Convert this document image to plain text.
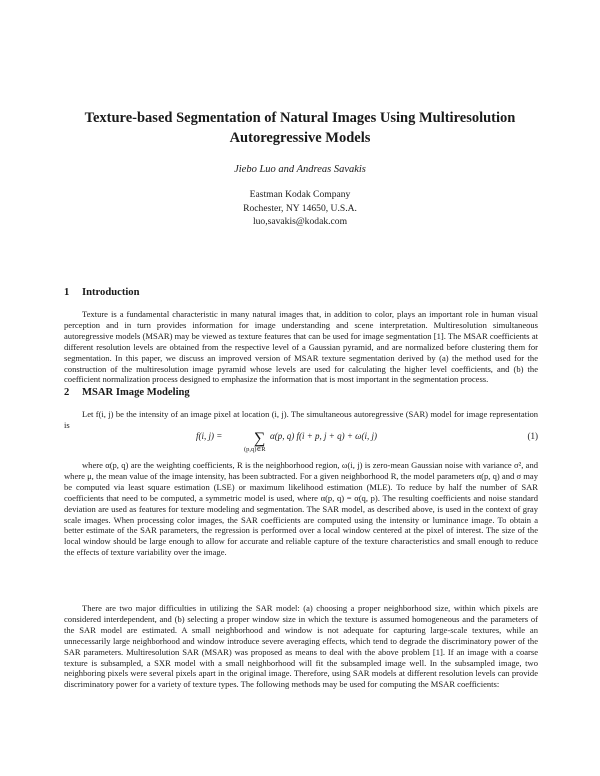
Texture-based Segmentation of Natural Images Using Multiresolution
Autoregressive Models
Jiebo Luo and Andreas Savakis
Eastman Kodak Company
Rochester, NY 14650, U.S.A.
luo,savakis@kodak.com
1 Introduction
Texture is a fundamental characteristic in many natural images that, in addition to color, plays an important role in human visual perception and in turn provides information for image understanding and scene interpretation. Multiresolution simultaneous autoregressive models (MSAR) may be viewed as texture features that can be used for image segmentation [1]. The MSAR coefficients at different resolution levels are obtained from the respective level of a Gaussian pyramid, and are normalized before clustering them for segmentation. In this paper, we discuss an improved version of MSAR texture segmentation derived by (a) the method used for the construction of the multiresolution image pyramid whose levels are used for calculating the higher level coefficients, and (b) the coefficient normalization process designed to emphasize the information that is most important in the segmentation process.
2 MSAR Image Modeling
Let f(i, j) be the intensity of an image pixel at location (i, j). The simultaneous autoregressive (SAR) model for image representation is
f(i, j) = ∑ α(p, q) f(i + p, j + q) + ω(i, j)
(p,q)∈R
(1)
where α(p, q) are the weighting coefficients, R is the neighborhood region, ω(i, j) is zero-mean Gaussian noise with variance σ², and where μ, the mean value of the image intensity, has been subtracted. For a given neighborhood R, the model parameters α(p, q) and σ may be computed via least square estimation (LSE) or maximum likelihood estimation (MLE). To reduce by half the number of SAR coefficients that need to be computed, a symmetric model is used, where α(p, q) = α(q, p). The resulting coefficients and noise standard deviation are used as features for texture modeling and segmentation. The SAR model, as described above, is used in the context of gray scale images. When processing color images, the SAR coefficients are computed using the intensity or luminance image. To obtain a better estimate of the SAR parameters, the regression is performed over a local window centered at the pixel of interest. The size of the local window should be large enough to allow for accurate and reliable capture of the texture characteristics and small enough to reduce the effects of texture variability over the image.
There are two major difficulties in utilizing the SAR model: (a) choosing a proper neighborhood size, within which pixels are considered interdependent, and (b) selecting a proper window size in which the texture is assumed homogeneous and the parameters of the SAR model are estimated. A small neighborhood and window is not adequate for capturing large-scale textures, while an unnecessarily large neighborhood and window introduce severe averaging effects, which tend to degrade the discriminatory power of the SAR parameters. Multiresolution SAR (MSAR) was proposed as means to deal with the above problem [1]. If an image with a coarse texture is subsampled, a SXR model with a small neighborhood will fit the subsampled image well. In the subsampled image, two neighboring pixels were several pixels apart in the original image. Therefore, using SAR models at different resolution levels can provide discriminatory power for a variety of texture types. The following methods may be used for computing the MSAR coefficients:
